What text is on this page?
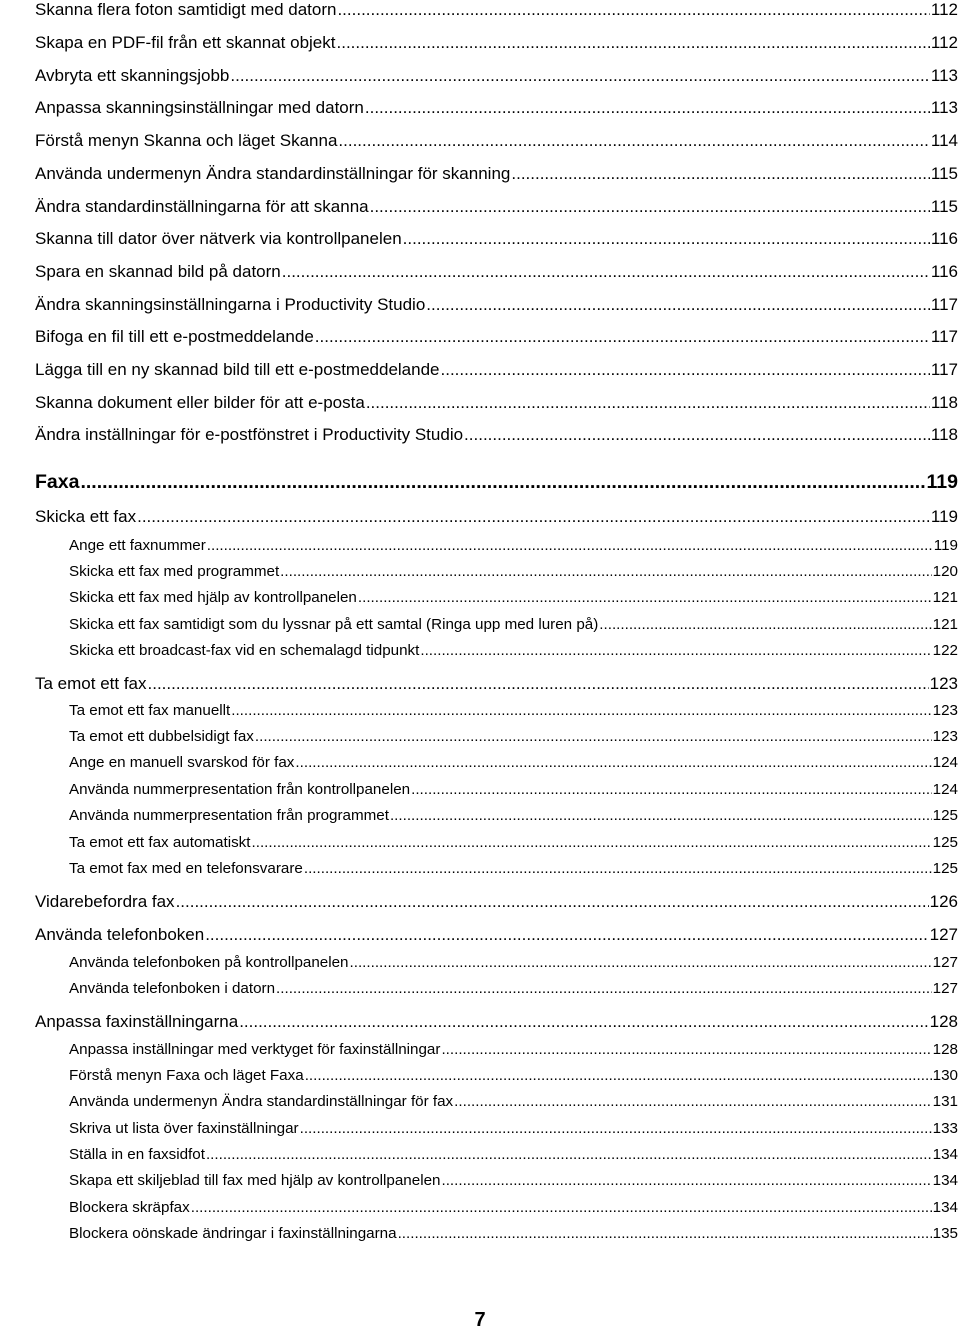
Skanna flera foton samtidigt med datorn .....	112
Skapa en PDF-fil från ett skannat objekt .....	112
Avbryta ett skanningsjobb .....	113
Anpassa skanningsinställningar med datorn .....	113
Förstå menyn Skanna och läget Skanna .....	114
Använda undermenyn Ändra standardinställningar för skanning .....	115
Ändra standardinställningarna för att skanna .....	115
Skanna till dator över nätverk via kontrollpanelen .....	116
Spara en skannad bild på datorn .....	116
Ändra skanningsinställningarna i Productivity Studio .....	117
Bifoga en fil till ett e-postmeddelande .....	117
Lägga till en ny skannad bild till ett e-postmeddelande .....	117
Skanna dokument eller bilder för att e-posta .....	118
Ändra inställningar för e-postfönstret i Productivity Studio .....	118
Faxa .....	119
Skicka ett fax .....	119
Ange ett faxnummer .....	119
Skicka ett fax med programmet .....	120
Skicka ett fax med hjälp av kontrollpanelen .....	121
Skicka ett fax samtidigt som du lyssnar på ett samtal (Ringa upp med luren på) .....	121
Skicka ett broadcast-fax vid en schemalagd tidpunkt .....	122
Ta emot ett fax .....	123
Ta emot ett fax manuellt .....	123
Ta emot ett dubbelsidigt fax .....	123
Ange en manuell svarskod för fax .....	124
Använda nummerpresentation från kontrollpanelen .....	124
Använda nummerpresentation från programmet .....	125
Ta emot ett fax automatiskt .....	125
Ta emot fax med en telefonsvarare .....	125
Vidarebefordra fax .....	126
Använda telefonboken .....	127
Använda telefonboken på kontrollpanelen .....	127
Använda telefonboken i datorn .....	127
Anpassa faxinställningarna .....	128
Anpassa inställningar med verktyget för faxinställningar .....	128
Förstå menyn Faxa och läget Faxa .....	130
Använda undermenyn Ändra standardinställningar för fax .....	131
Skriva ut lista över faxinställningar .....	133
Ställa in en faxsidfot .....	134
Skapa ett skiljeblad till fax med hjälp av kontrollpanelen .....	134
Blockera skräpfax .....	134
Blockera oönskade ändringar i faxinställningarna .....	135
7
